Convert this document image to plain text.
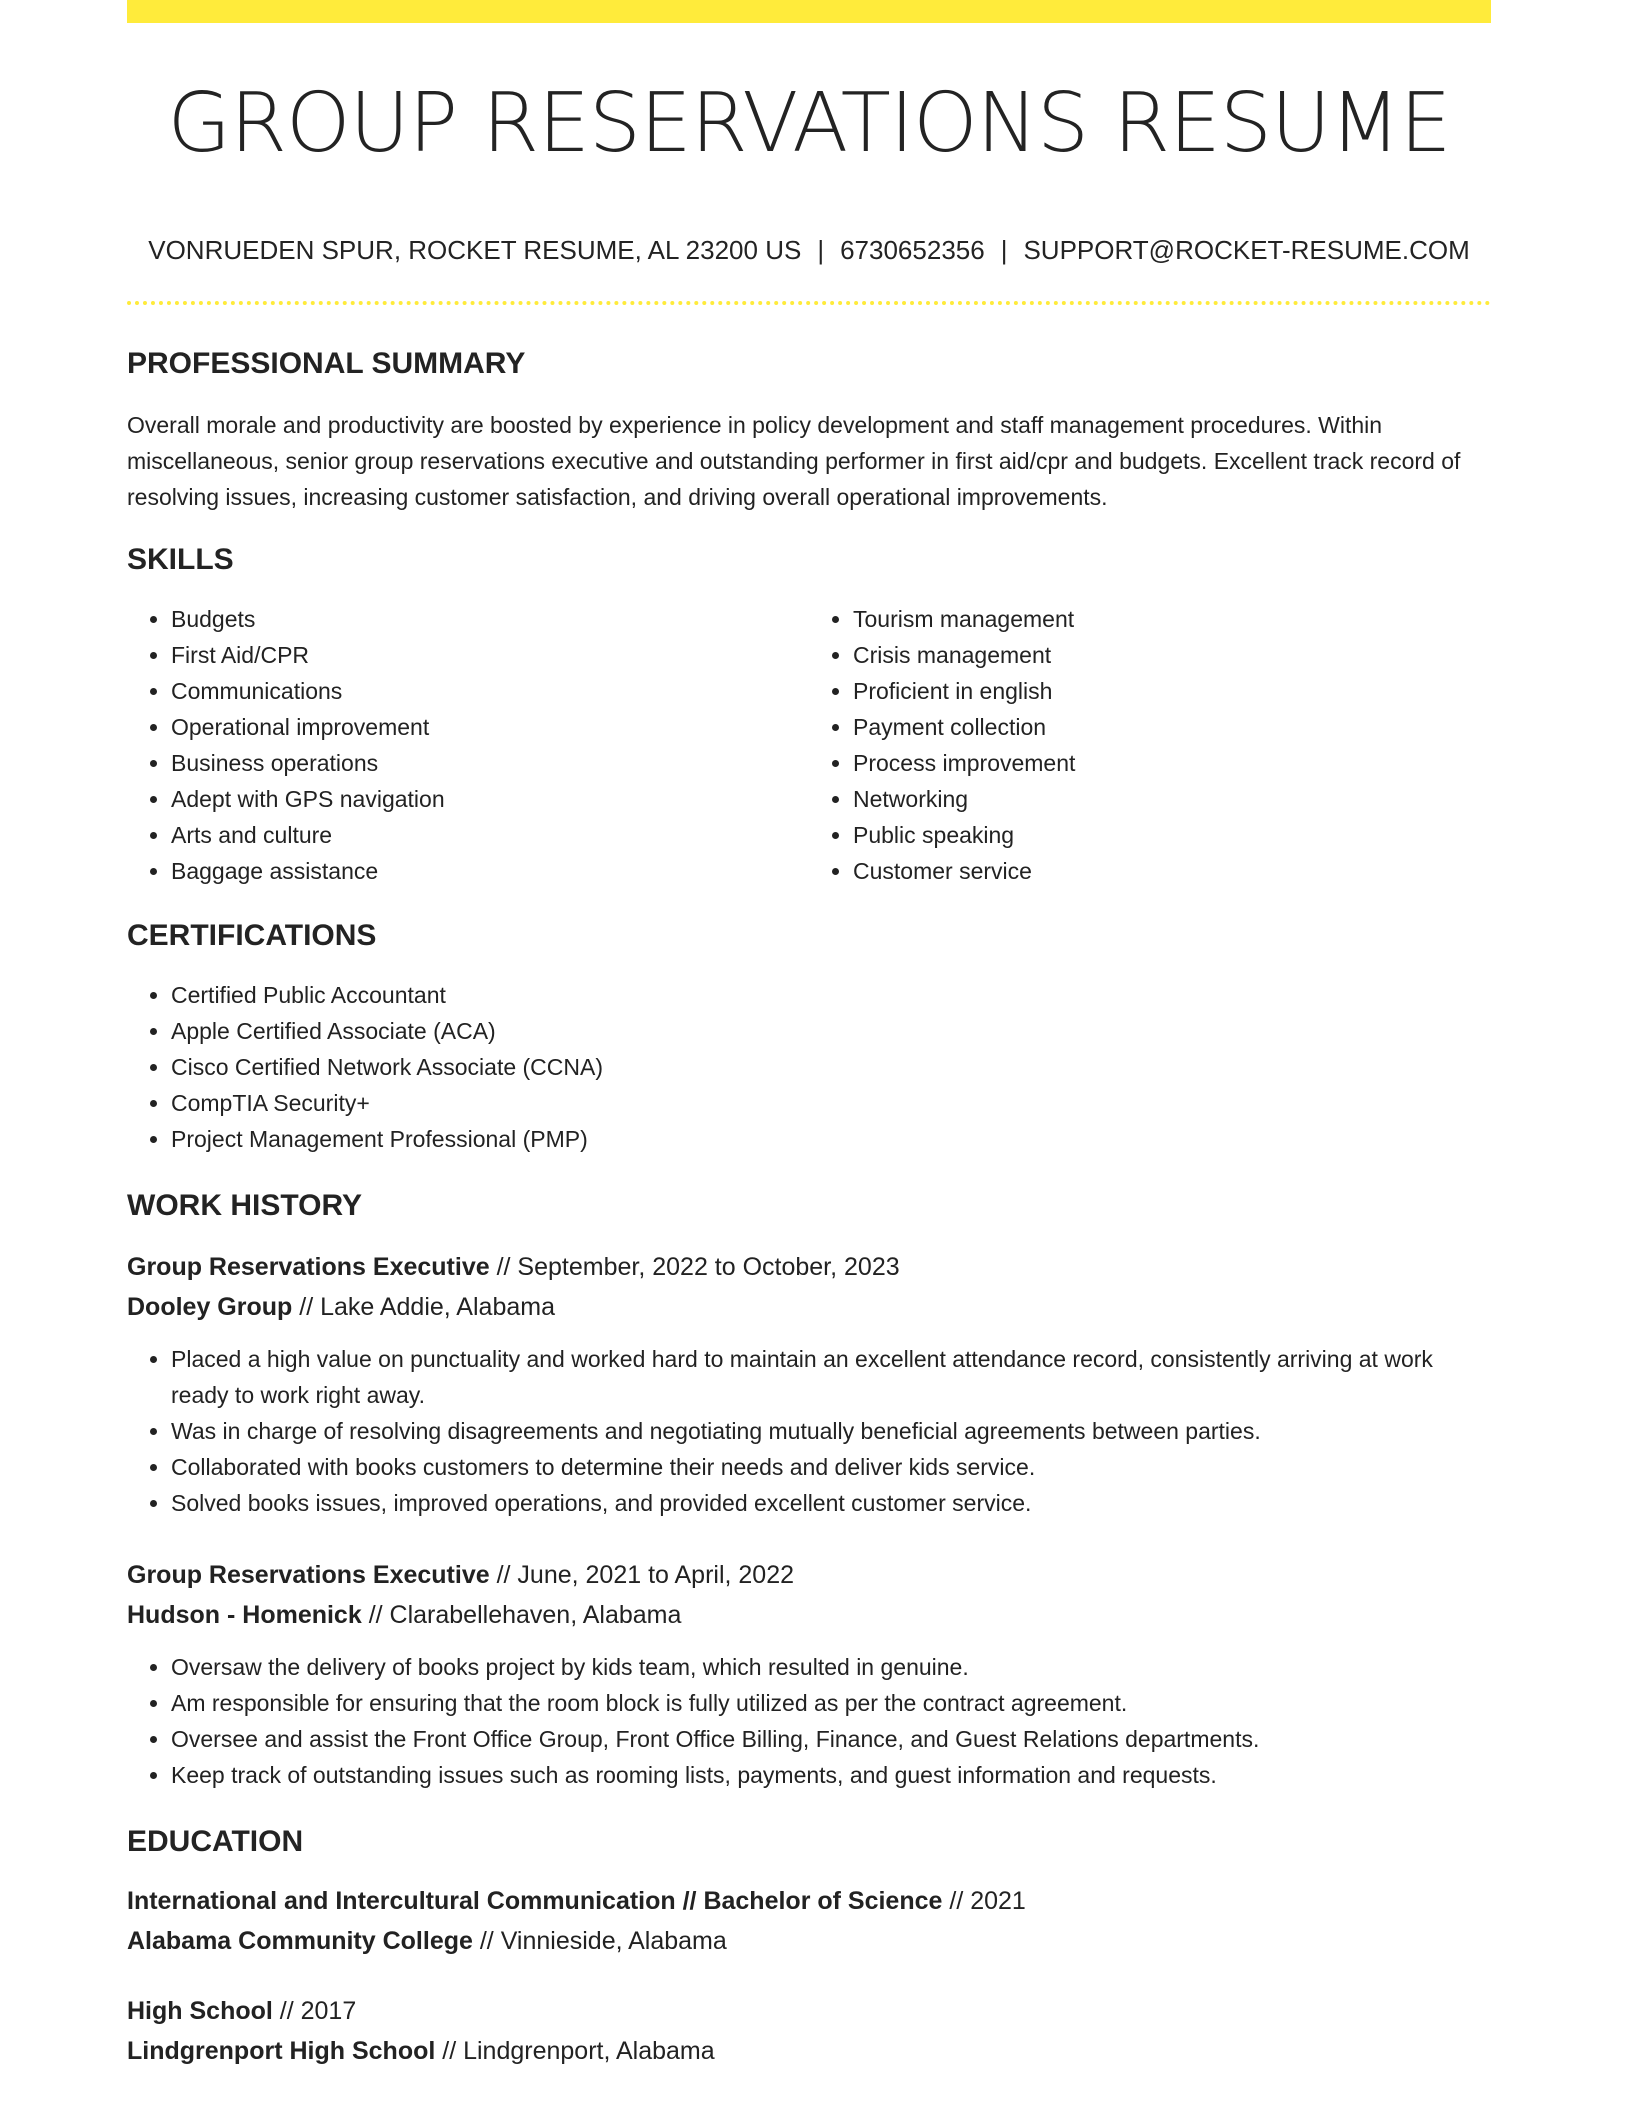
GROUP RESERVATIONS RESUME
VONRUEDEN SPUR, ROCKET RESUME, AL 23200 US | 6730652356 | SUPPORT@ROCKET-RESUME.COM
PROFESSIONAL SUMMARY

Overall morale and productivity are boosted by experience in policy development and staff management procedures. Within miscellaneous, senior group reservations executive and outstanding performer in first aid/cpr and budgets. Excellent track record of resolving issues, increasing customer satisfaction, and driving overall operational improvements.

SKILLS
• Budgets
• First Aid/CPR
• Communications
• Operational improvement
• Business operations
• Adept with GPS navigation
• Arts and culture
• Baggage assistance
• Tourism management
• Crisis management
• Proficient in english
• Payment collection
• Process improvement
• Networking
• Public speaking
• Customer service
CERTIFICATIONS
• Certified Public Accountant
• Apple Certified Associate (ACA)
• Cisco Certified Network Associate (CCNA)
• CompTIA Security+
• Project Management Professional (PMP)
WORK HISTORY
Group Reservations Executive // September, 2022 to October, 2023
Dooley Group // Lake Addie, Alabama
• Placed a high value on punctuality and worked hard to maintain an excellent attendance record, consistently arriving at work ready to work right away.
• Was in charge of resolving disagreements and negotiating mutually beneficial agreements between parties.
• Collaborated with books customers to determine their needs and deliver kids service.
• Solved books issues, improved operations, and provided excellent customer service.
Group Reservations Executive // June, 2021 to April, 2022
Hudson - Homenick // Clarabellehaven, Alabama
• Oversaw the delivery of books project by kids team, which resulted in genuine.
• Am responsible for ensuring that the room block is fully utilized as per the contract agreement.
• Oversee and assist the Front Office Group, Front Office Billing, Finance, and Guest Relations departments.
• Keep track of outstanding issues such as rooming lists, payments, and guest information and requests.
EDUCATION
International and Intercultural Communication // Bachelor of Science // 2021
Alabama Community College // Vinnieside, Alabama
High School // 2017
Lindgrenport High School // Lindgrenport, Alabama
